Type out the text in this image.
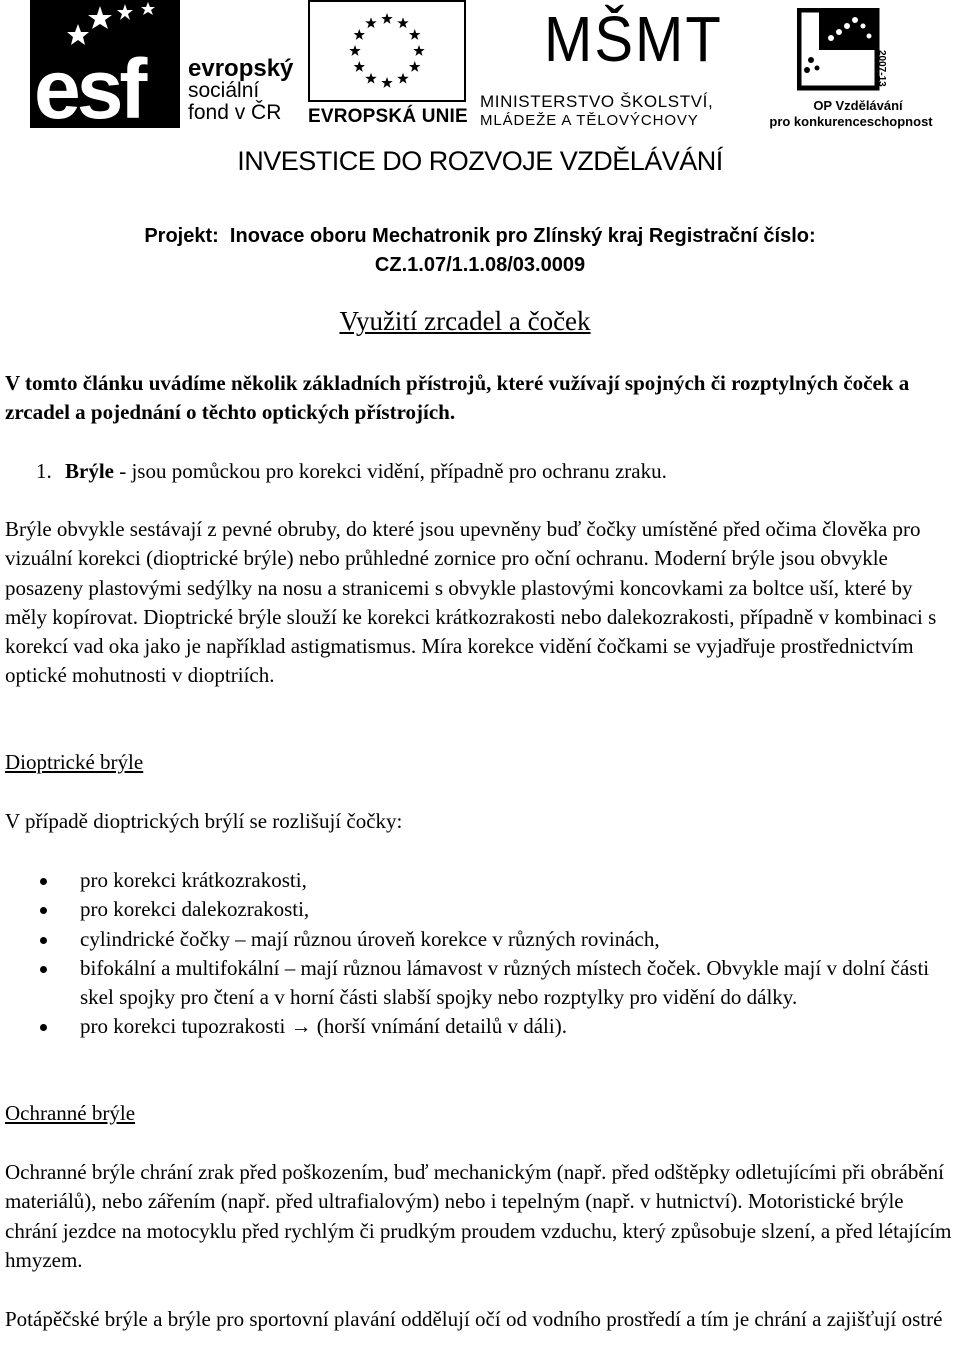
esf evropský
sociální
fond v ČR	EVROPSKÁ UNIE
MŠMT
MINISTERSTVO ŠKOLSTVÍ,
MLÁDEŽE A TĚLOVÝCHOVY
2007-13
OP Vzdělávání
pro konkurenceschopnost
INVESTICE DO ROZVOJE VZDĚLÁVÁNÍ
Projekt:  Inovace oboru Mechatronik pro Zlínský kraj Registrační číslo:
CZ.1.07/1.1.08/03.0009
Využití zrcadel a čoček
V tomto článku uvádíme několik základních přístrojů, které vužívají spojných či rozptylných čoček a zrcadel a pojednání o těchto optických přístrojích.
1. Brýle - jsou pomůckou pro korekci vidění, případně pro ochranu zraku.
Brýle obvykle sestávají z pevné obruby, do které jsou upevněny buď čočky umístěné před očima člověka pro vizuální korekci (dioptrické brýle) nebo průhledné zornice pro oční ochranu. Moderní brýle jsou obvykle posazeny plastovými sedýlky na nosu a stranicemi s obvykle plastovými koncovkami za boltce uší, které by měly kopírovat. Dioptrické brýle slouží ke korekci krátkozrakosti nebo dalekozrakosti, případně v kombinaci s korekcí vad oka jako je například astigmatismus. Míra korekce vidění čočkami se vyjadřuje prostřednictvím optické mohutnosti v dioptriích.
Dioptrické brýle
V případě dioptrických brýlí se rozlišují čočky:
pro korekci krátkozrakosti,
pro korekci dalekozrakosti,
cylindrické čočky – mají různou úroveň korekce v různých rovinách,
bifokální a multifokální – mají různou lámavost v různých místech čoček. Obvykle mají v dolní části skel spojky pro čtení a v horní části slabší spojky nebo rozptylky pro vidění do dálky.
pro korekci tupozrakosti → (horší vnímání detailů v dáli).
Ochranné brýle
Ochranné brýle chrání zrak před poškozením, buď mechanickým (např. před odštěpky odletujícími při obrábění materiálů), nebo zářením (např. před ultrafialovým) nebo i tepelným (např. v hutnictví). Motoristické brýle chrání jezdce na motocyklu před rychlým či prudkým proudem vzduchu, který způsobuje slzení, a před létajícím hmyzem.
Potápěčské brýle a brýle pro sportovní plavání oddělují očí od vodního prostředí a tím je chrání a zajišťují ostré
